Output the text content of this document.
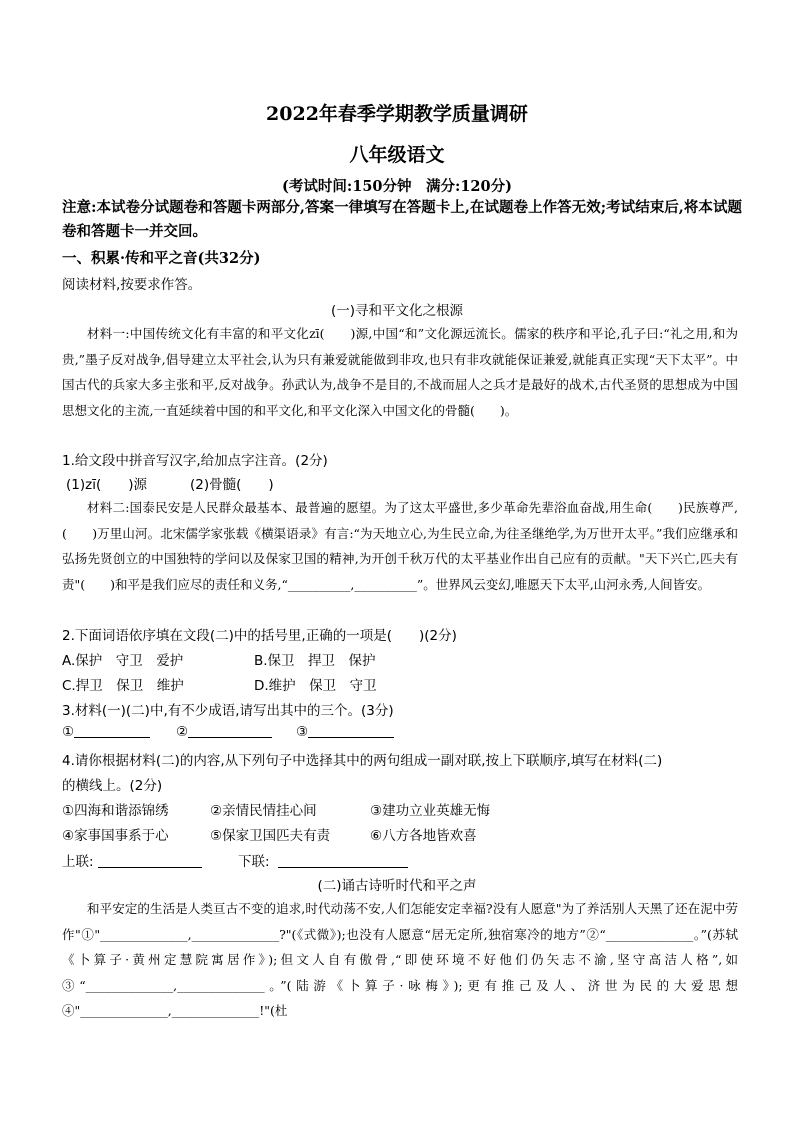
2022年春季学期教学质量调研
八年级语文
(考试时间:150分钟　满分:120分)
注意:本试卷分试题卷和答题卡两部分,答案一律填写在答题卡上,在试题卷上作答无效;考试结束后,将本试题卷和答题卡一并交回。
一、积累·传和平之音(共32分)
阅读材料,按要求作答。
(一)寻和平文化之根源
材料一:中国传统文化有丰富的和平文化zī(　　)源,中国“和”文化源远流长。儒家的秩序和平论,孔子曰:“礼之用,和为贵,”墨子反对战争,倡导建立太平社会,认为只有兼爱就能做到非攻,也只有非攻就能保证兼爱,就能真正实现“天下太平”。中国古代的兵家大多主张和平,反对战争。孙武认为,战争不是目的,不战而屈人之兵才是最好的战术,古代圣贤的思想成为中国思想文化的主流,一直延续着中国的和平文化,和平文化深入中国文化的骨髓(　　)。
1.给文段中拼音写汉字,给加点字注音。(2分)
(1)zī(　　)源	(2)骨髓(　　)
材料二:国泰民安是人民群众最基本、最普遍的愿望。为了这太平盛世,多少革命先辈浴血奋战,用生命(　　)民族尊严,(　　)万里山河。北宋儒学家张载《横渠语录》有言:“为天地立心,为生民立命,为往圣继绝学,为万世开太平。”我们应继承和弘扬先贤创立的中国独特的学问以及保家卫国的精神,为开创千秋万代的太平基业作出自己应有的贡献。"天下兴亡,匹夫有责"(　　)和平是我们应尽的责任和义务,“__________,__________”。世界风云变幻,唯愿天下太平,山河永秀,人间皆安。
2.下面词语依序填在文段(二)中的括号里,正确的一项是(　　)(2分)
A.保护　守卫　爱护	B.保卫　捍卫　保护
C.捍卫　保卫　维护	D.维护　保卫　守卫
3.材料(一)(二)中,有不少成语,请写出其中的三个。(3分)
①	②	③
4.请你根据材料(二)的内容,从下列句子中选择其中的两句组成一副对联,按上下联顺序,填写在材料(二)
的横线上。(2分)
①四海和谐添锦绣	②亲情民情挂心间	③建功立业英雄无悔
④家事国事系于心	⑤保家卫国匹夫有责	⑥八方各地皆欢喜
上联:	下联:
(二)诵古诗听时代和平之声
和平安定的生活是人类亘古不变的追求,时代动荡不安,人们怎能安定幸福?没有人愿意"为了养活别人天黑了还在泥中劳作"①"______________,______________?"(《式微》);也没有人愿意“居无定所,独宿寒冷的地方”②“______________。”(苏轼《卜算子·黄州定慧院寓居作》);但文人自有傲骨,“即使环境不好他们仍矢志不渝,坚守高洁人格”,如③“______________,______________。”(陆游《卜算子·咏梅》);更有推己及人、济世为民的大爱思想④"______________,______________!"(杜
